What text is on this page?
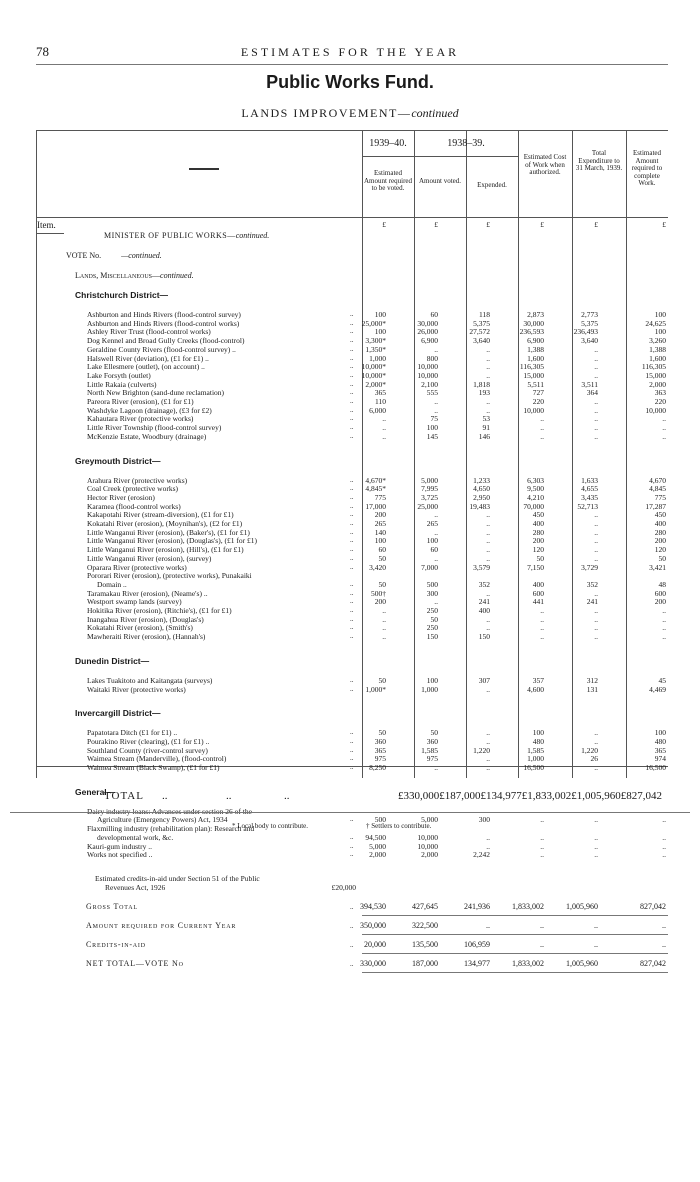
78	ESTIMATES FOR THE YEAR
Public Works Fund.
LANDS IMPROVEMENT—continued
1939–40.	1938–39.
Estimated Amount required to be voted.
Amount voted.	Expended.
Estimated Cost of Work when authorized.
Total Expenditure to 31 March, 1939.
Estimated Amount required to complete Work.
Item.	£	£	£	£	£	£
MINISTER OF PUBLIC WORKS—continued.
VOTE No.	—continued.
Lands, Miscellaneous—continued.
Christchurch District—
Ashburton and Hinds Rivers (flood-control survey)	..	100	60	118	2,873	2,773	100
Ashburton and Hinds Rivers (flood-control works)	.. 25,000*	30,000	5,375	30,000	5,375	24,625
Ashley River Trust (flood-control works)	..	100	26,000	27,572	236,593	236,493	100
Dog Kennel and Broad Gully Creeks (flood-control)	.. 3,300*	6,900	3,640	6,900	3,640	3,260
Geraldine County Rivers (flood-control survey) ..	.. 1,350*	..	..	1,388	..	1,388
Halswell River (deviation), (£1 for £1) ..	.. 1,000	800	..	1,600	..	1,600
Lake Ellesmere (outlet), (on account) ..	.. 10,000*	10,000	..	116,305	..	116,305
Lake Forsyth (outlet)	.. 10,000*	10,000	..	15,000	..	15,000
Little Rakaia (culverts)	.. 2,000*	2,100	1,818	5,511	3,511	2,000
North New Brighton (sand-dune reclamation)	..	365	555	193	727	364	363
Pareora River (erosion), (£1 for £1)	..	110	..	..	220	..	220
Washdyke Lagoon (drainage), (£3 for £2)	.. 6,000	..	..	10,000	..	10,000
Kahautara River (protective works)	..	..	75	53	..	..	..
Little River Township (flood-control survey)	..	..	100	91	..	..	..
McKenzie Estate, Woodbury (drainage)	..	..	145	146	..	..	..
Greymouth District—
Arahura River (protective works)	.. 4,670*	5,000	1,233	6,303	1,633	4,670
Coal Creek (protective works)	.. 4,845*	7,995	4,650	9,500	4,655	4,845
Hector River (erosion)	..	775	3,725	2,950	4,210	3,435	775
Karamea (flood-control works)	.. 17,000	25,000	19,483	70,000	52,713	17,287
Kakapotahi River (stream-diversion), (£1 for £1)	..	200	..	..	450	..	450
Kokatahi River (erosion), (Moynihan's), (£2 for £1)	..	265	265	..	400	..	400
Little Wanganui River (erosion), (Baker's), (£1 for £1)	..	140	..	..	280	..	280
Little Wanganui River (erosion), (Douglas's), (£1 for £1)	..	100	100	..	200	..	200
Little Wanganui River (erosion), (Hill's), (£1 for £1)	..	60	60	..	120	..	120
Little Wanganui River (erosion), (survey)	..	50	..	..	50	..	50
Oparara River (protective works)	.. 3,420	7,000	3,579	7,150	3,729	3,421
Pororari River (erosion), (protective works), Punakaiki
Domain ..	..	50	500	352	400	352	48
Taramakau River (erosion), (Neame's) ..	.. 500†	300	..	600	..	600
Westport swamp lands (survey)	..	200	..	241	441	241	200
Hokitika River (erosion), (Ritchie's), (£1 for £1)	..	..	250	400	..	..	..
Inangahua River (erosion), (Douglas's)	..	..	50	..	..	..	..
Kokatahi River (erosion), (Smith's)	..	..	250	..	..	..	..
Mawheraiti River (erosion), (Hannah's)	..	..	150	150	..	..	..
Dunedin District—
Lakes Tuakitoto and Kaitangata (surveys)	..	50	100	307	357	312	45
Waitaki River (protective works)	.. 1,000*	1,000	..	4,600	131	4,469
Invercargill District—
Papatotara Ditch (£1 for £1) ..	..	50	50	..	100	..	100
Pourakino River (clearing), (£1 for £1) ..	..	360	360	..	480	..	480
Southland County (river-control survey)	..	365	1,585	1,220	1,585	1,220	365
Waimea Stream (Manderville), (flood-control)	..	975	975	..	1,000	26	974
Waimea Stream (Black Swamp), (£1 for £1)	.. 8,250	..	..	16,500	..	16,500
General—
Dairy industry loans: Advances under section 26 of the
Agriculture (Emergency Powers) Act, 1934	..	500	5,000	300	..	..	..
Flaxmilling industry (rehabilitation plan): Research and
developmental work, &c.	.. 94,500	10,000	..	..	..	..
Kauri-gum industry ..	.. 5,000	10,000	..	..	..	..
Works not specified ..	.. 2,000	2,000	2,242	..	..	..
Estimated credits-in-aid under Section 51 of the Public
Revenues Act, 1926	£20,000
Gross Total	.. 394,530	427,645	241,936	1,833,002	1,005,960	827,042
Amount required for Current Year	.. 350,000	322,500	..	..	..	..
Credits-in-aid	.. 20,000	135,500	106,959	..	..	..
NET TOTAL—VOTE No	.. 330,000	187,000	134,977	1,833,002	1,005,960	827,042
TOTAL ..	..	..	£330,000£187,000£134,977£1,833,002£1,005,960£827,042
* Local body to contribute.	† Settlers to contribute.
